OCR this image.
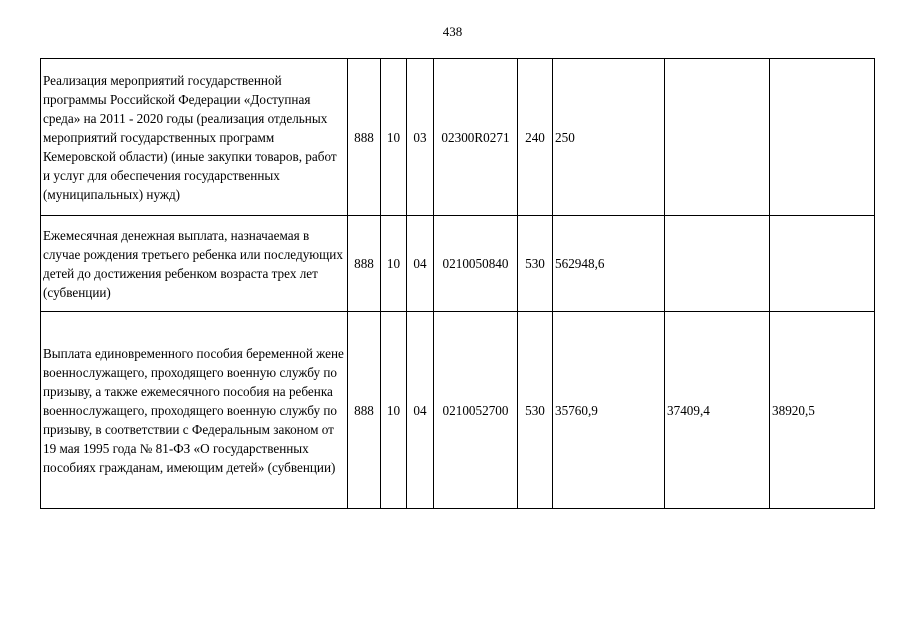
438
Реализация мероприятий государственной программы Российской Федерации «Доступная среда» на 2011 - 2020 годы (реализация отдельных мероприятий государственных программ Кемеровской области) (иные закупки товаров, работ и услуг для обеспечения государственных (муниципальных) нужд)	888	10	03	02300R0271	240	250		
Ежемесячная денежная выплата, назначаемая в случае рождения третьего ребенка или последующих детей до достижения ребенком возраста трех лет (субвенции)	888	10	04	0210050840	530	562948,6		
Выплата единовременного пособия беременной жене военнослужащего, проходящего военную службу по призыву, а также ежемесячного пособия на ребенка военнослужащего, проходящего военную службу по призыву, в соответствии с Федеральным законом от 19 мая 1995 года № 81-ФЗ «О государственных пособиях гражданам, имеющим детей» (субвенции)	888	10	04	0210052700	530	35760,9	37409,4	38920,5
